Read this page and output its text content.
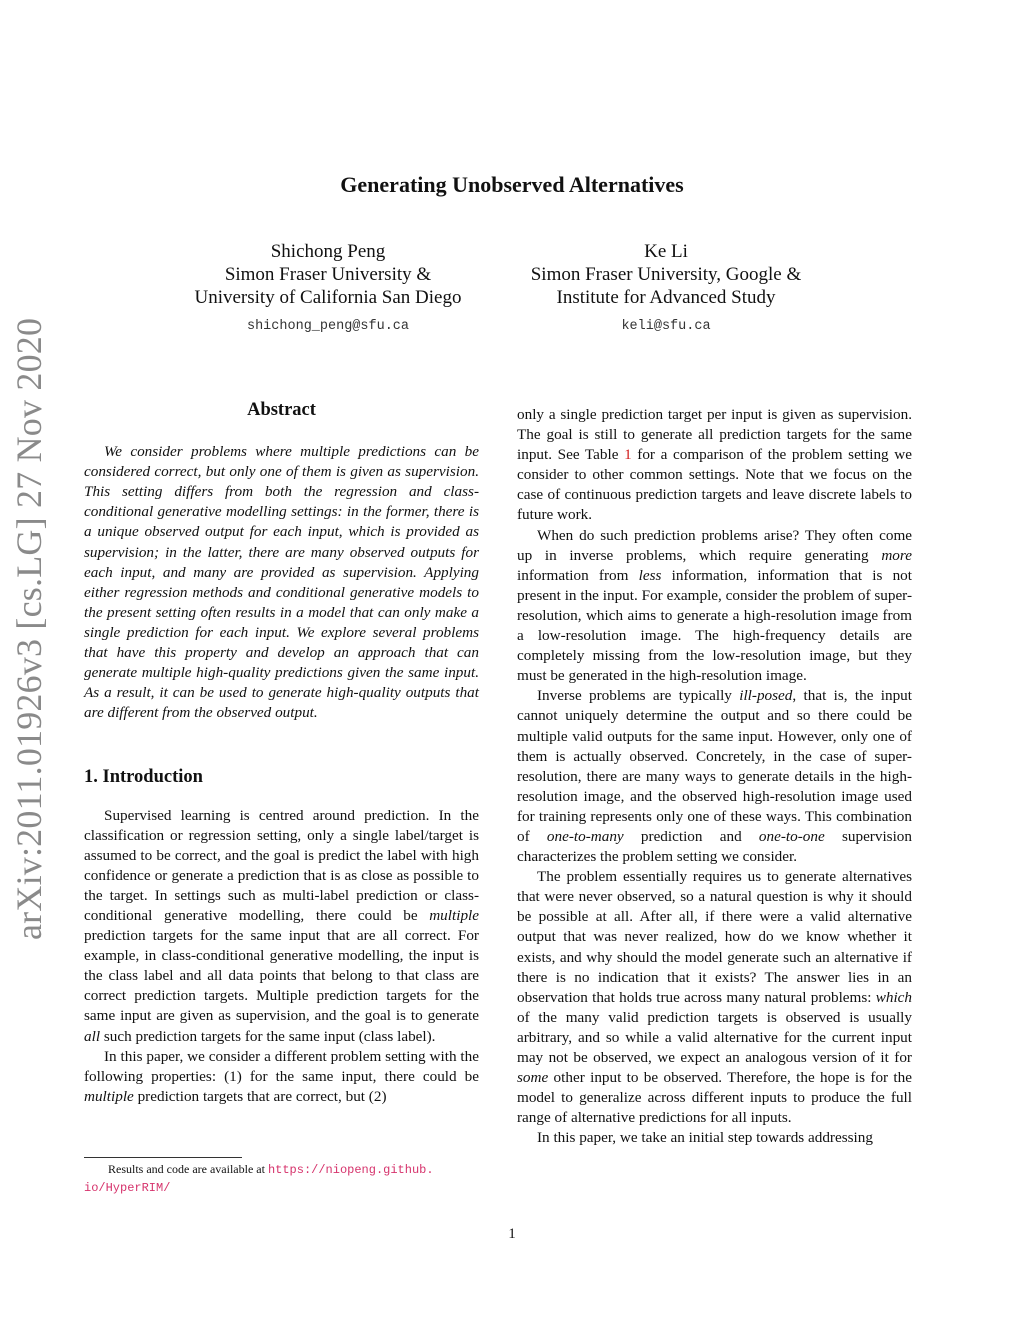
arXiv:2011.01926v3 [cs.LG] 27 Nov 2020
Generating Unobserved Alternatives
Shichong Peng
Simon Fraser University &
University of California San Diego
shichong_peng@sfu.ca
Ke Li
Simon Fraser University, Google &
Institute for Advanced Study
keli@sfu.ca
Abstract

We consider problems where multiple predictions can be considered correct, but only one of them is given as supervision. This setting differs from both the regression and class-conditional generative modelling settings: in the former, there is a unique observed output for each input, which is provided as supervision; in the latter, there are many observed outputs for each input, and many are provided as supervision. Applying either regression methods and conditional generative models to the present setting often results in a model that can only make a single prediction for each input. We explore several problems that have this property and develop an approach that can generate multiple high-quality predictions given the same input. As a result, it can be used to generate high-quality outputs that are different from the observed output.

1. Introduction

Supervised learning is centred around prediction. In the classification or regression setting, only a single label/target is assumed to be correct, and the goal is predict the label with high confidence or generate a prediction that is as close as possible to the target. In settings such as multi-label prediction or class-conditional generative modelling, there could be multiple prediction targets for the same input that are all correct. For example, in class-conditional generative modelling, the input is the class label and all data points that belong to that class are correct prediction targets. Multiple prediction targets for the same input are given as supervision, and the goal is to generate all such prediction targets for the same input (class label).

In this paper, we consider a different problem setting with the following properties: (1) for the same input, there could be multiple prediction targets that are correct, but (2)

only a single prediction target per input is given as supervision. The goal is still to generate all prediction targets for the same input. See Table 1 for a comparison of the problem setting we consider to other common settings. Note that we focus on the case of continuous prediction targets and leave discrete labels to future work.

When do such prediction problems arise? They often come up in inverse problems, which require generating more information from less information, information that is not present in the input. For example, consider the problem of super-resolution, which aims to generate a high-resolution image from a low-resolution image. The high-frequency details are completely missing from the low-resolution image, but they must be generated in the high-resolution image.

Inverse problems are typically ill-posed, that is, the input cannot uniquely determine the output and so there could be multiple valid outputs for the same input. However, only one of them is actually observed. Concretely, in the case of super-resolution, there are many ways to generate details in the high-resolution image, and the observed high-resolution image used for training represents only one of these ways. This combination of one-to-many prediction and one-to-one supervision characterizes the problem setting we consider.

The problem essentially requires us to generate alternatives that were never observed, so a natural question is why it should be possible at all. After all, if there were a valid alternative output that was never realized, how do we know whether it exists, and why should the model generate such an alternative if there is no indication that it exists? The answer lies in an observation that holds true across many natural problems: which of the many valid prediction targets is observed is usually arbitrary, and so while a valid alternative for the current input may not be observed, we expect an analogous version of it for some other input to be observed. Therefore, the hope is for the model to generalize across different inputs to produce the full range of alternative predictions for all inputs.

In this paper, we take an initial step towards addressing

Results and code are available at https://niopeng.github.
io/HyperRIM/
1
